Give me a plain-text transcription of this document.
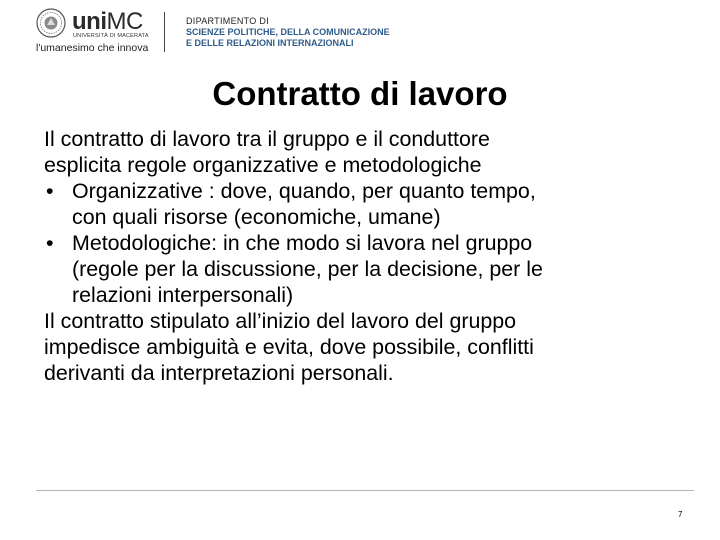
uniMC
UNIVERSITÀ DI MACERATA
l'umanesimo che innova
DIPARTIMENTO DI
SCIENZE POLITICHE, DELLA COMUNICAZIONE
E DELLE RELAZIONI INTERNAZIONALI
Contratto di lavoro

Il contratto di lavoro tra il gruppo e il conduttore
esplicita regole organizzative e metodologiche

• Organizzative : dove, quando, per quanto tempo,
con quali risorse (economiche, umane)
• Metodologiche: in che modo si lavora nel gruppo
(regole per la discussione, per la decisione, per le
relazioni interpersonali)

Il contratto stipulato all’inizio del lavoro del gruppo
impedisce ambiguità e evita, dove possibile, conflitti
derivanti da interpretazioni personali.

7
